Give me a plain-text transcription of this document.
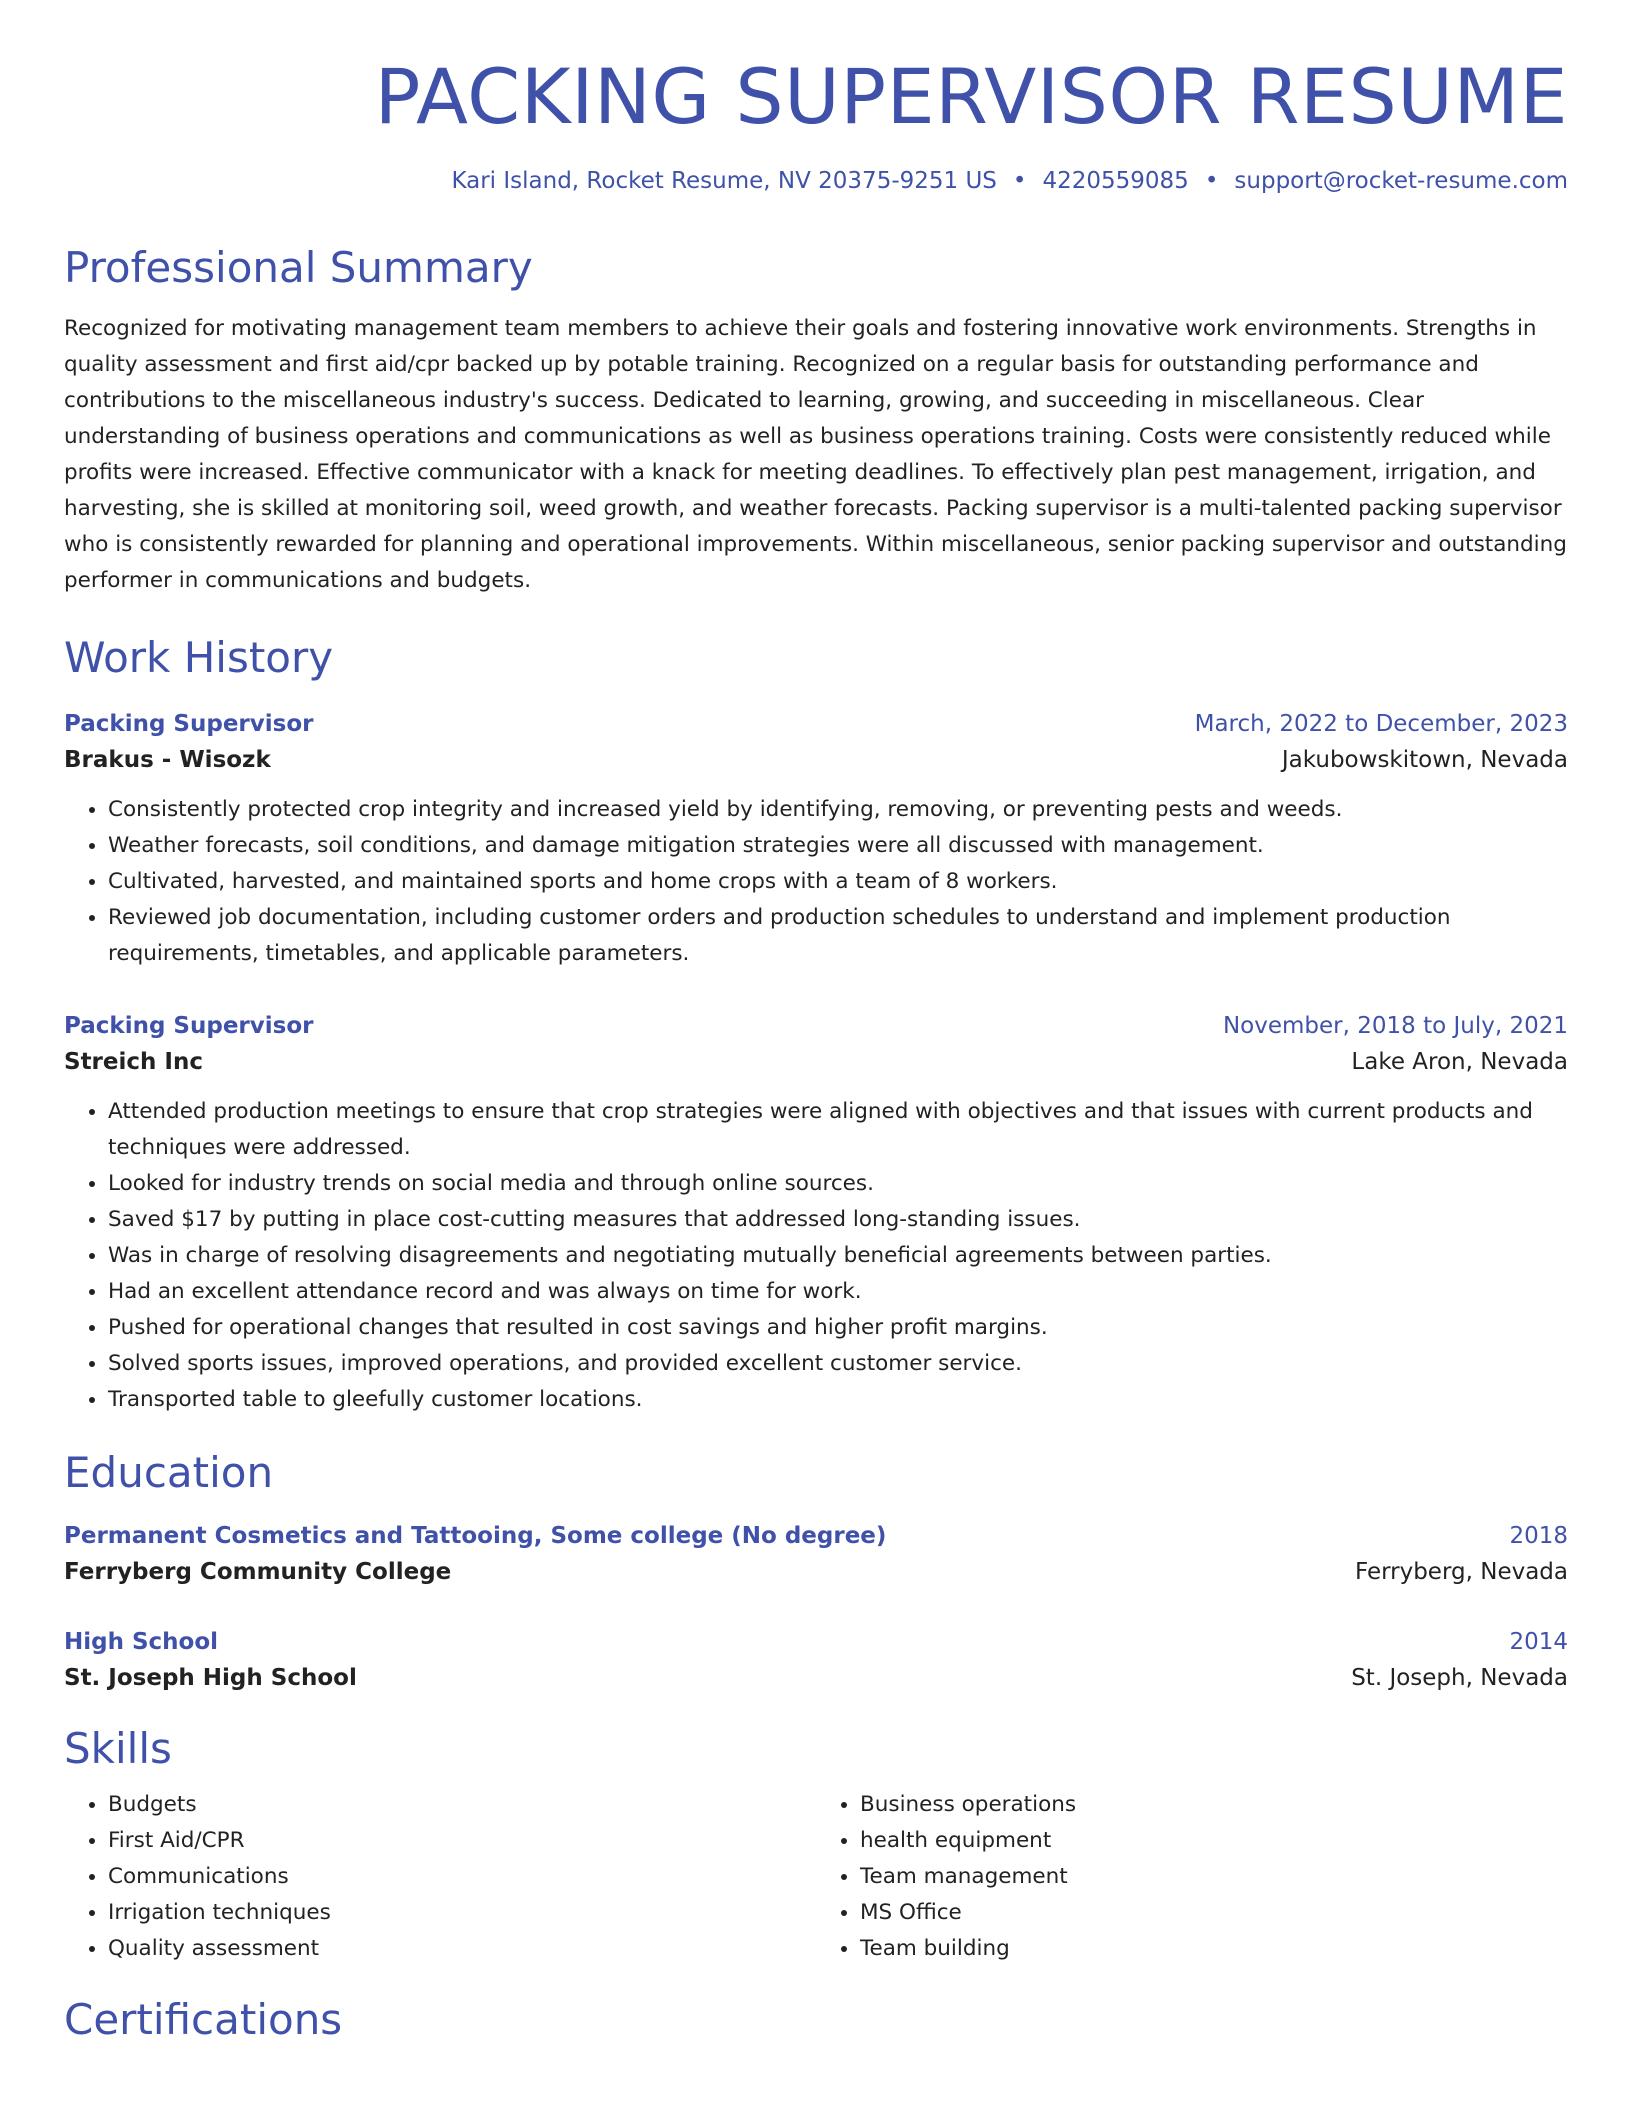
PACKING SUPERVISOR RESUME
Kari Island, Rocket Resume, NV 20375-9251 US • 4220559085 • support@rocket-resume.com
Professional Summary
Recognized for motivating management team members to achieve their goals and fostering innovative work environments. Strengths in quality assessment and first aid/cpr backed up by potable training. Recognized on a regular basis for outstanding performance and contributions to the miscellaneous industry's success. Dedicated to learning, growing, and succeeding in miscellaneous. Clear understanding of business operations and communications as well as business operations training. Costs were consistently reduced while profits were increased. Effective communicator with a knack for meeting deadlines. To effectively plan pest management, irrigation, and harvesting, she is skilled at monitoring soil, weed growth, and weather forecasts. Packing supervisor is a multi-talented packing supervisor who is consistently rewarded for planning and operational improvements. Within miscellaneous, senior packing supervisor and outstanding performer in communications and budgets.
Work History
Packing Supervisor	March, 2022 to December, 2023
Brakus - Wisozk	Jakubowskitown, Nevada
• Consistently protected crop integrity and increased yield by identifying, removing, or preventing pests and weeds.
• Weather forecasts, soil conditions, and damage mitigation strategies were all discussed with management.
• Cultivated, harvested, and maintained sports and home crops with a team of 8 workers.
• Reviewed job documentation, including customer orders and production schedules to understand and implement production requirements, timetables, and applicable parameters.
Packing Supervisor	November, 2018 to July, 2021
Streich Inc	Lake Aron, Nevada
• Attended production meetings to ensure that crop strategies were aligned with objectives and that issues with current products and techniques were addressed.
• Looked for industry trends on social media and through online sources.
• Saved $17 by putting in place cost-cutting measures that addressed long-standing issues.
• Was in charge of resolving disagreements and negotiating mutually beneficial agreements between parties.
• Had an excellent attendance record and was always on time for work.
• Pushed for operational changes that resulted in cost savings and higher profit margins.
• Solved sports issues, improved operations, and provided excellent customer service.
• Transported table to gleefully customer locations.
Education
Permanent Cosmetics and Tattooing, Some college (No degree)	2018
Ferryberg Community College	Ferryberg, Nevada
High School	2014
St. Joseph High School	St. Joseph, Nevada
Skills
• Budgets
• First Aid/CPR
• Communications
• Irrigation techniques
• Quality assessment
• Business operations
• health equipment
• Team management
• MS Office
• Team building
Certifications
